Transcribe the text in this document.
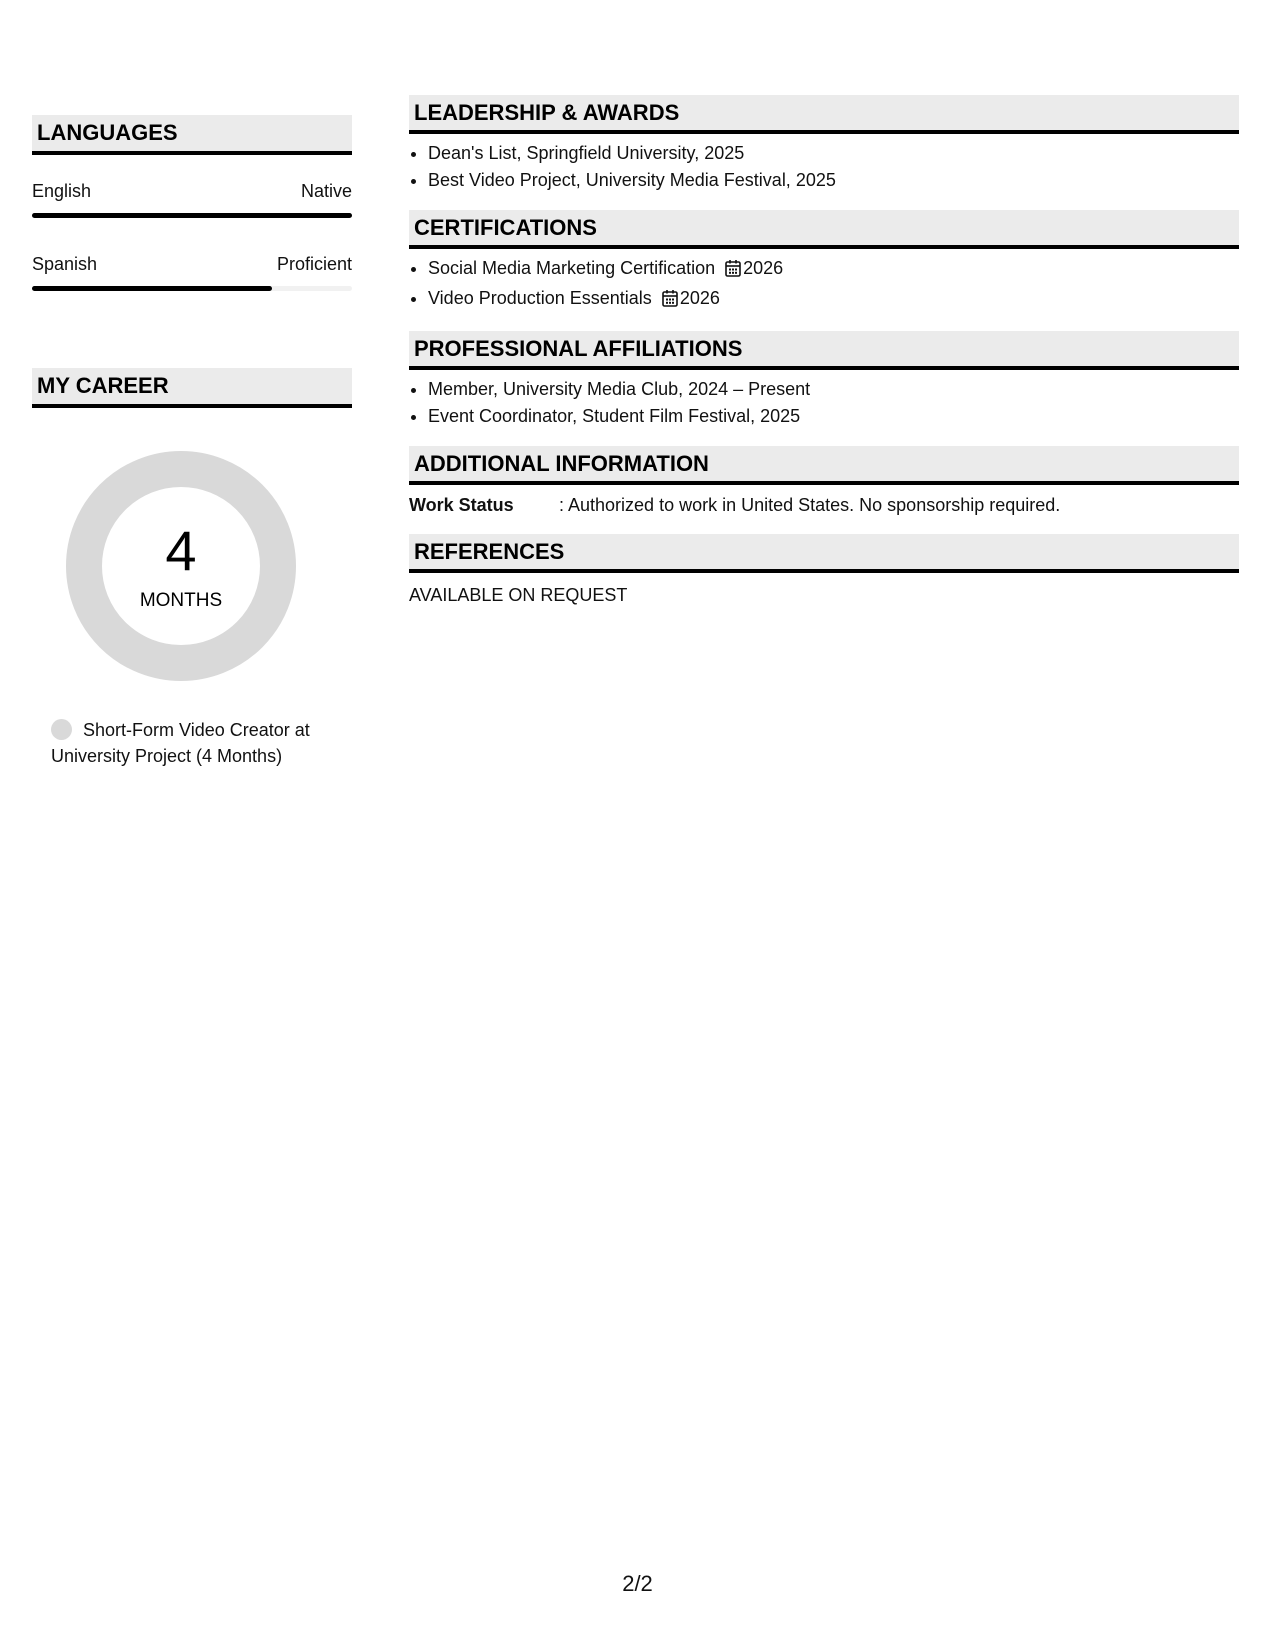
LANGUAGES
English	Native
Spanish	Proficient
MY CAREER
4
MONTHS
Short-Form Video Creator at University Project (4 Months)
LEADERSHIP & AWARDS
• Dean's List, Springfield University, 2025
• Best Video Project, University Media Festival, 2025
CERTIFICATIONS
• Social Media Marketing Certification 2026
• Video Production Essentials 2026
PROFESSIONAL AFFILIATIONS
• Member, University Media Club, 2024 – Present
• Event Coordinator, Student Film Festival, 2025
ADDITIONAL INFORMATION
Work Status	: Authorized to work in United States. No sponsorship required.
REFERENCES
AVAILABLE ON REQUEST
2/2
